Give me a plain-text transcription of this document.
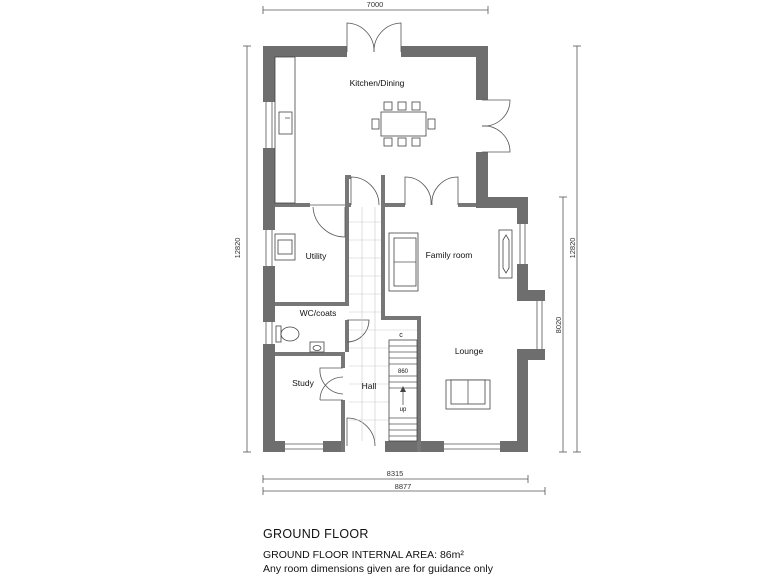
7000
12820	12820
8020
8315
8877
c
860
up
Kitchen/Dining
Utility
WC/coats
Study	Hall
Family room
Lounge
GROUND FLOOR
GROUND FLOOR INTERNAL AREA: 86m²
Any room dimensions given are for guidance only
